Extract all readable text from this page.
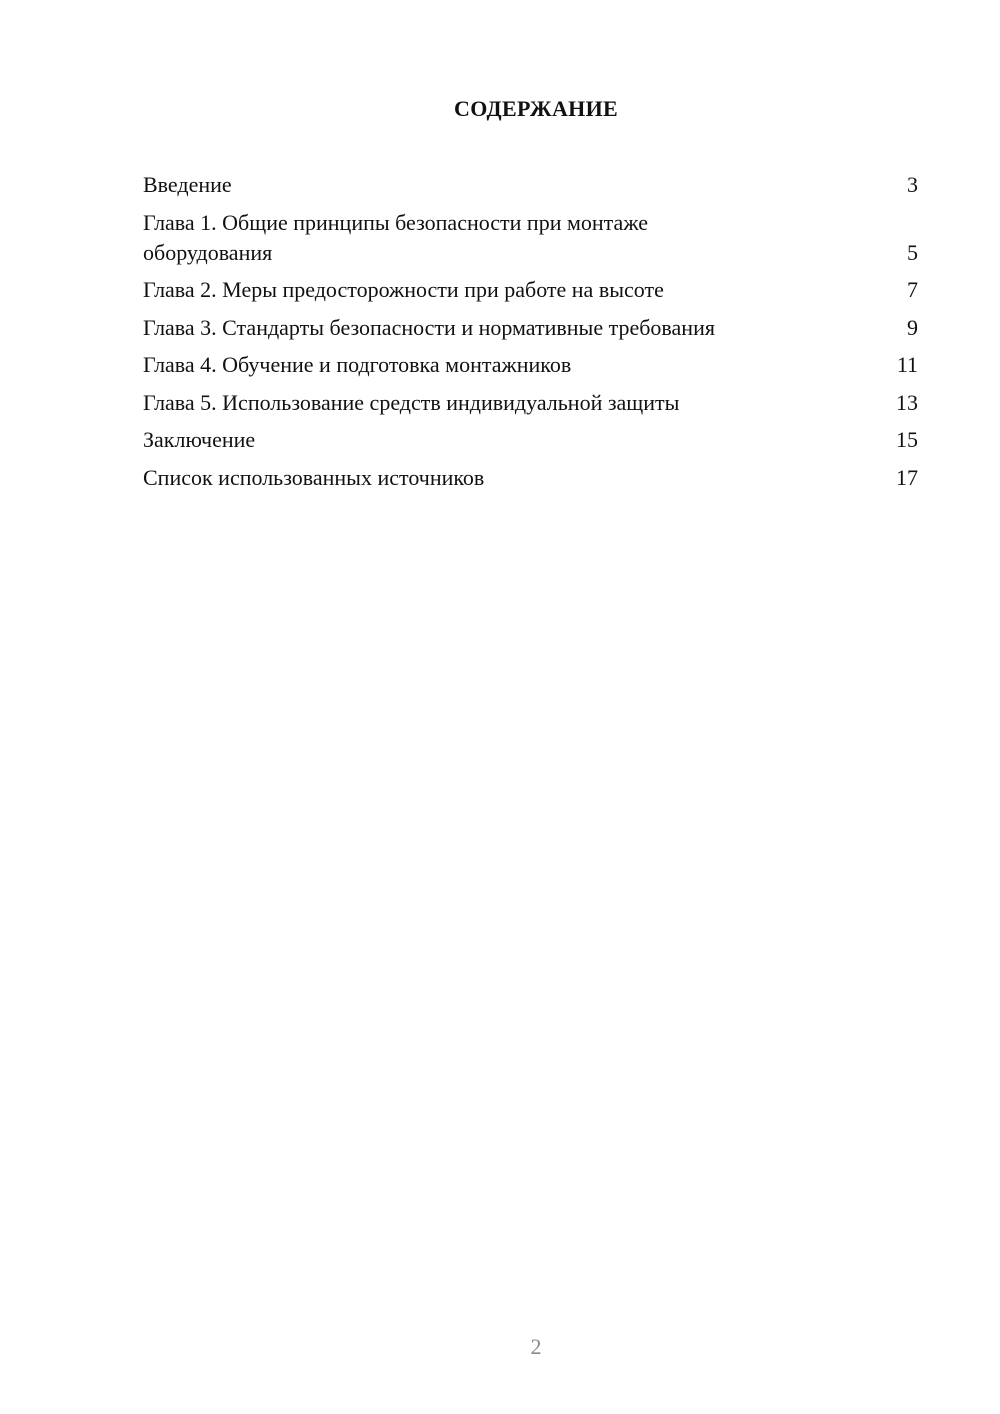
СОДЕРЖАНИЕ
Введение	3
Глава 1. Общие принципы безопасности при монтаже оборудования	5
Глава 2. Меры предосторожности при работе на высоте	7
Глава 3. Стандарты безопасности и нормативные требования	9
Глава 4. Обучение и подготовка монтажников	11
Глава 5. Использование средств индивидуальной защиты	13
Заключение	15
Список использованных источников	17
2
